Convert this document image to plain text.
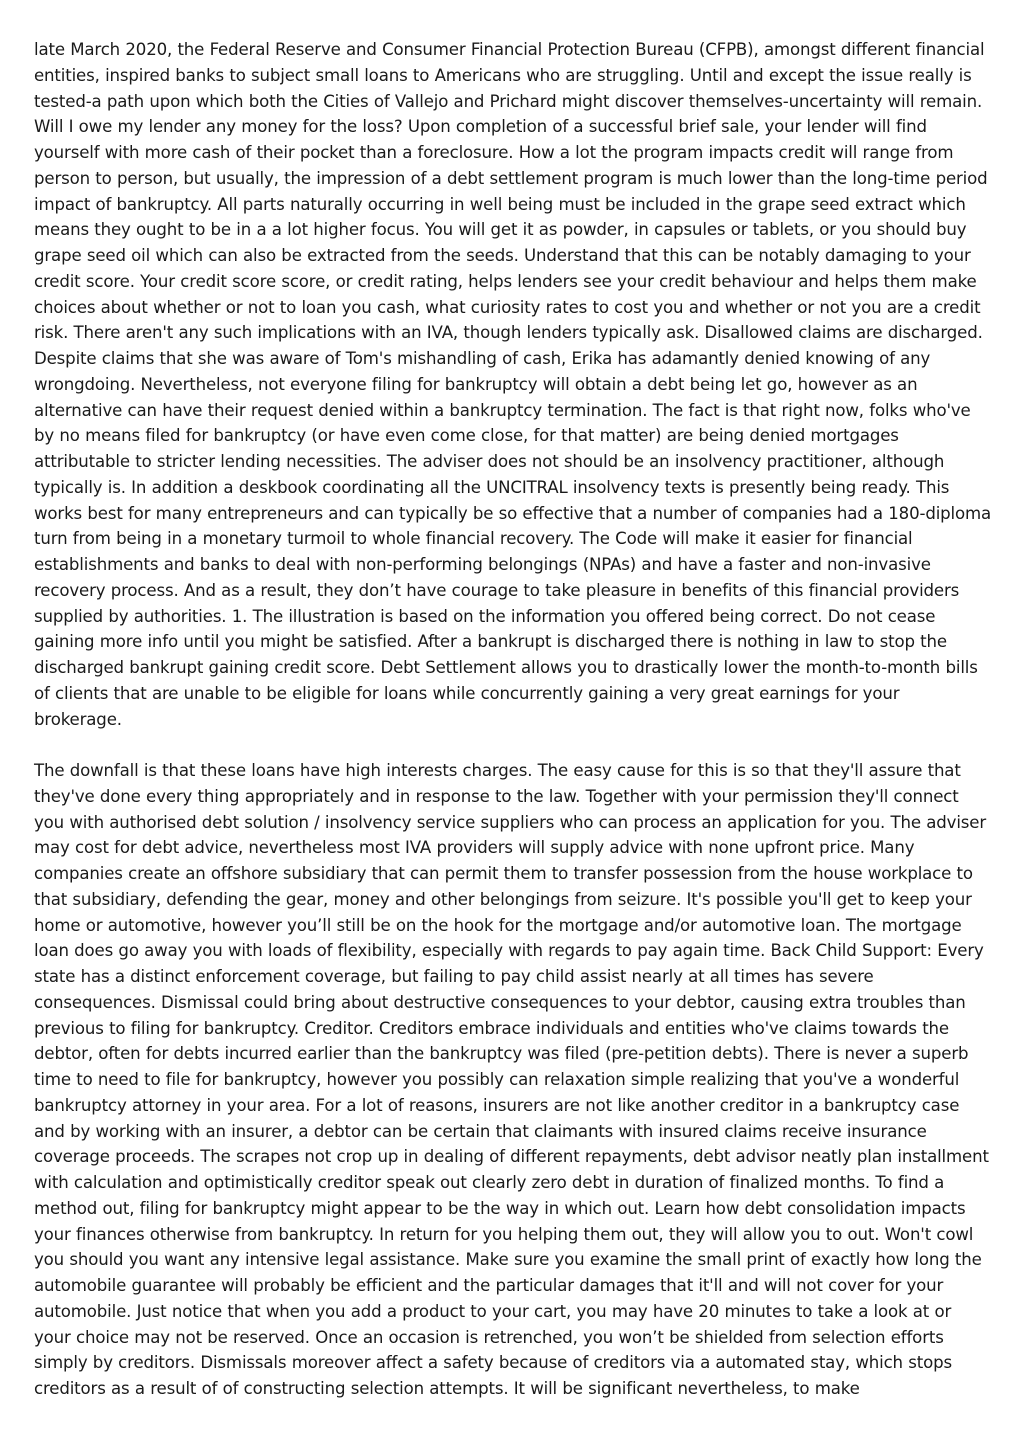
late March 2020, the Federal Reserve and Consumer Financial Protection Bureau (CFPB), amongst different financial entities, inspired banks to subject small loans to Americans who are struggling. Until and except the issue really is tested-a path upon which both the Cities of Vallejo and Prichard might discover themselves-uncertainty will remain. Will I owe my lender any money for the loss? Upon completion of a successful brief sale, your lender will find yourself with more cash of their pocket than a foreclosure. How a lot the program impacts credit will range from person to person, but usually, the impression of a debt settlement program is much lower than the long-time period impact of bankruptcy. All parts naturally occurring in well being must be included in the grape seed extract which means they ought to be in a a lot higher focus. You will get it as powder, in capsules or tablets, or you should buy grape seed oil which can also be extracted from the seeds. Understand that this can be notably damaging to your credit score. Your credit score score, or credit rating, helps lenders see your credit behaviour and helps them make choices about whether or not to loan you cash, what curiosity rates to cost you and whether or not you are a credit risk. There aren't any such implications with an IVA, though lenders typically ask. Disallowed claims are discharged. Despite claims that she was aware of Tom's mishandling of cash, Erika has adamantly denied knowing of any wrongdoing. Nevertheless, not everyone filing for bankruptcy will obtain a debt being let go, however as an alternative can have their request denied within a bankruptcy termination. The fact is that right now, folks who've by no means filed for bankruptcy (or have even come close, for that matter) are being denied mortgages attributable to stricter lending necessities. The adviser does not should be an insolvency practitioner, although typically is. In addition a deskbook coordinating all the UNCITRAL insolvency texts is presently being ready. This works best for many entrepreneurs and can typically be so effective that a number of companies had a 180-diploma turn from being in a monetary turmoil to whole financial recovery. The Code will make it easier for financial establishments and banks to deal with non-performing belongings (NPAs) and have a faster and non-invasive recovery process. And as a result, they don’t have courage to take pleasure in benefits of this financial providers supplied by authorities. 1. The illustration is based on the information you offered being correct. Do not cease gaining more info until you might be satisfied. After a bankrupt is discharged there is nothing in law to stop the discharged bankrupt gaining credit score. Debt Settlement allows you to drastically lower the month-to-month bills of clients that are unable to be eligible for loans while concurrently gaining a very great earnings for your brokerage.

The downfall is that these loans have high interests charges. The easy cause for this is so that they'll assure that they've done every thing appropriately and in response to the law. Together with your permission they'll connect you with authorised debt solution / insolvency service suppliers who can process an application for you. The adviser may cost for debt advice, nevertheless most IVA providers will supply advice with none upfront price. Many companies create an offshore subsidiary that can permit them to transfer possession from the house workplace to that subsidiary, defending the gear, money and other belongings from seizure. It's possible you'll get to keep your home or automotive, however you’ll still be on the hook for the mortgage and/or automotive loan. The mortgage loan does go away you with loads of flexibility, especially with regards to pay again time. Back Child Support: Every state has a distinct enforcement coverage, but failing to pay child assist nearly at all times has severe consequences. Dismissal could bring about destructive consequences to your debtor, causing extra troubles than previous to filing for bankruptcy. Creditor. Creditors embrace individuals and entities who've claims towards the debtor, often for debts incurred earlier than the bankruptcy was filed (pre-petition debts). There is never a superb time to need to file for bankruptcy, however you possibly can relaxation simple realizing that you've a wonderful bankruptcy attorney in your area. For a lot of reasons, insurers are not like another creditor in a bankruptcy case and by working with an insurer, a debtor can be certain that claimants with insured claims receive insurance coverage proceeds. The scrapes not crop up in dealing of different repayments, debt advisor neatly plan installment with calculation and optimistically creditor speak out clearly zero debt in duration of finalized months. To find a method out, filing for bankruptcy might appear to be the way in which out. Learn how debt consolidation impacts your finances otherwise from bankruptcy. In return for you helping them out, they will allow you to out. Won't cowl you should you want any intensive legal assistance. Make sure you examine the small print of exactly how long the automobile guarantee will probably be efficient and the particular damages that it'll and will not cover for your automobile. Just notice that when you add a product to your cart, you may have 20 minutes to take a look at or your choice may not be reserved. Once an occasion is retrenched, you won’t be shielded from selection efforts simply by creditors. Dismissals moreover affect a safety because of creditors via a automated stay, which stops creditors as a result of of constructing selection attempts. It will be significant nevertheless, to make
